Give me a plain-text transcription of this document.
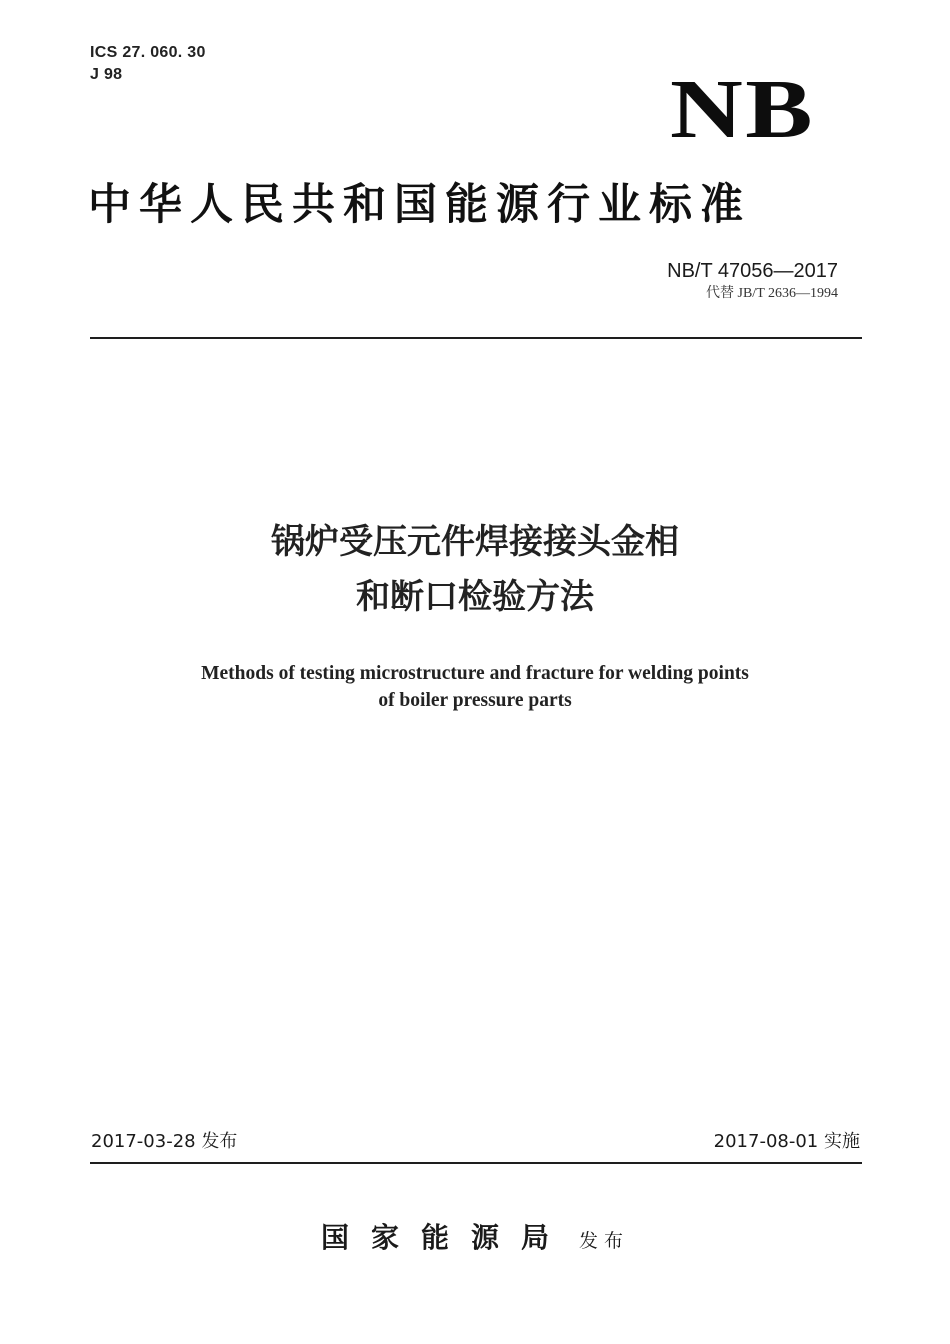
ICS 27. 060. 30
J 98	NB
中华人民共和国能源行业标准
NB/T 47056—2017
代替 JB/T 2636—1994
锅炉受压元件焊接接头金相
和断口检验方法
Methods of testing microstructure and fracture for welding points
of boiler pressure parts
2017-03-28 发布	2017-08-01 实施
国家能源局 发布
